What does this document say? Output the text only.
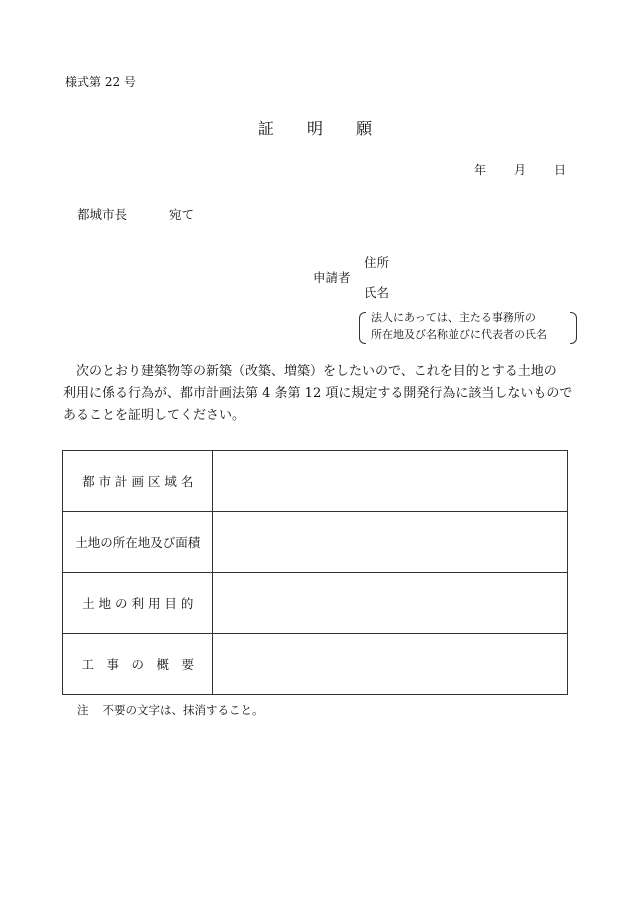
様式第 22 号
証 明 願
年 月 日
都城市長	宛て
住所
申請者
氏名
法人にあっては、主たる事務所の
所在地及び名称並びに代表者の氏名
　次のとおり建築物等の新築（改築、増築）をしたいので、これを目的とする土地の
利用に係る行為が、都市計画法第 4 条第 12 項に規定する開発行為に該当しないもので
あることを証明してください。
都 市 計 画 区 域 名	
土地の所在地及び面積	
土 地 の 利 用 目 的	
工　事　の　概　要	
注 不要の文字は、抹消すること。
